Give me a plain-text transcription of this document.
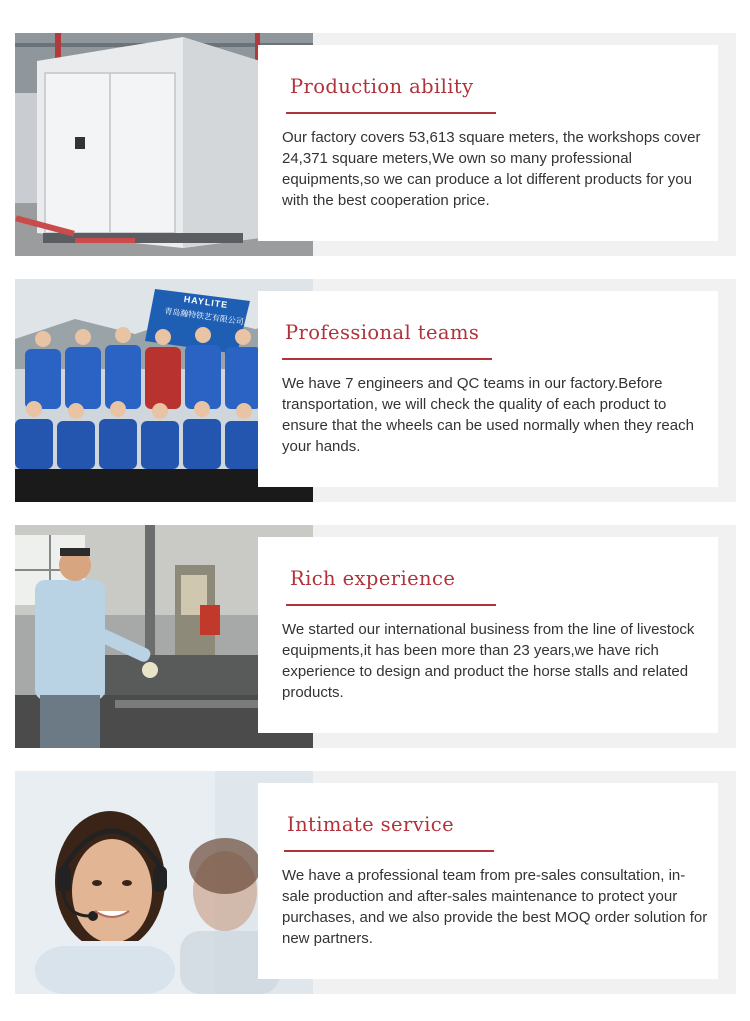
Production ability

Our factory covers 53,613 square meters, the workshops cover 24,371 square meters,We own so many professional equipments,so we can produce a lot different products for you with the best cooperation price.

HAYLITE
青岛瀚特铁艺有限公司
Professional teams

We have 7 engineers and QC teams in our factory.Before transportation, we will check the quality of each product to ensure that the wheels can be used normally when they reach your hands.

Rich experience

We started our international business from the line of livestock equipments,it has been more than 23 years,we have rich experience to design and product the horse stalls and related products.

Intimate service

We have a professional team from pre-sales consultation, in-sale production and after-sales maintenance to protect your purchases, and we also provide the best MOQ order solution for new partners.
